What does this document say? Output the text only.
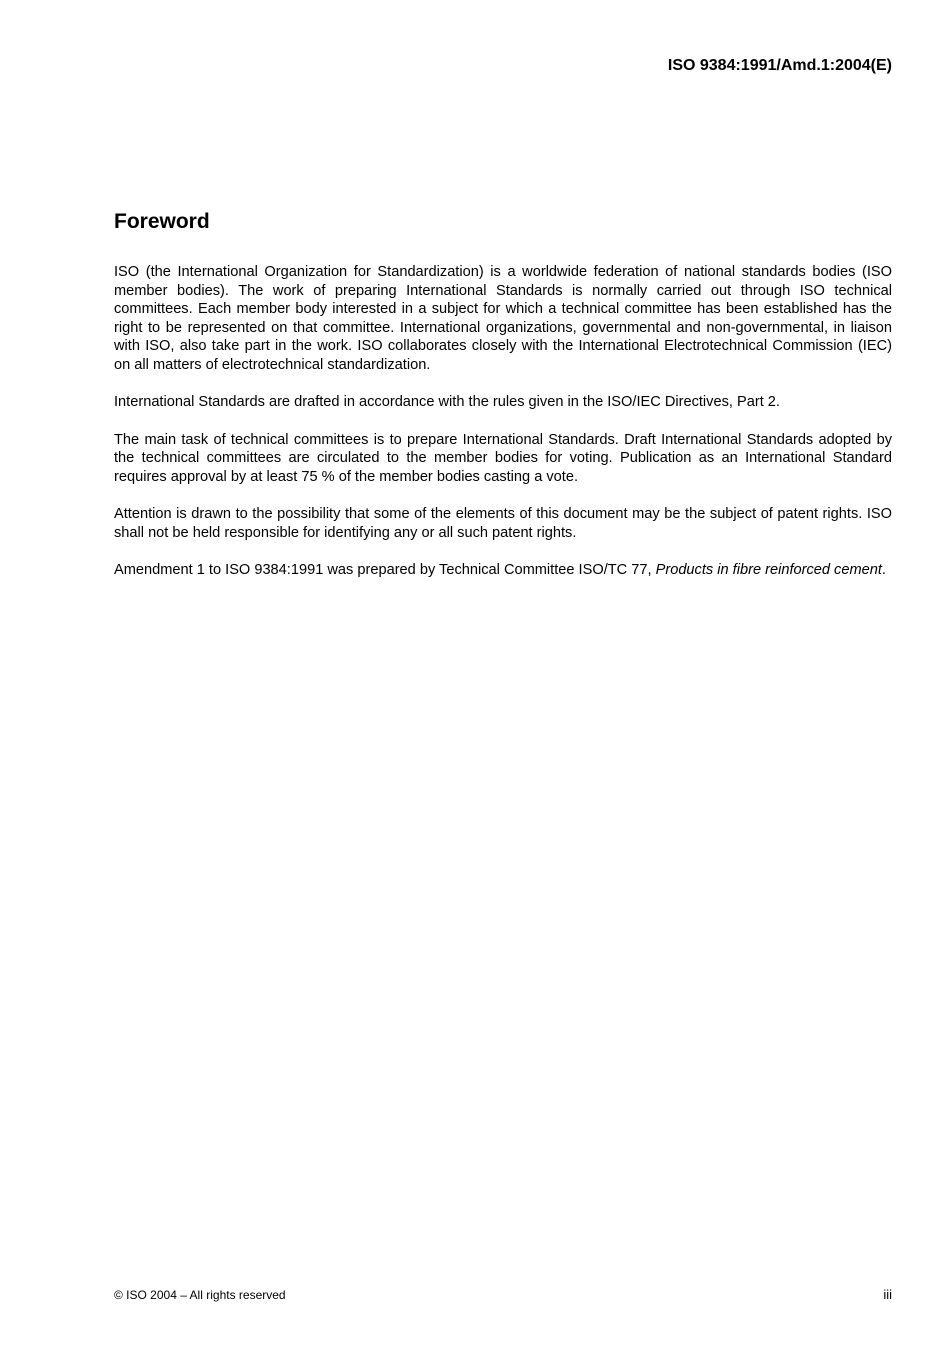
ISO 9384:1991/Amd.1:2004(E)
Foreword

ISO (the International Organization for Standardization) is a worldwide federation of national standards bodies (ISO member bodies). The work of preparing International Standards is normally carried out through ISO technical committees. Each member body interested in a subject for which a technical committee has been established has the right to be represented on that committee. International organizations, governmental and non-governmental, in liaison with ISO, also take part in the work. ISO collaborates closely with the International Electrotechnical Commission (IEC) on all matters of electrotechnical standardization.

International Standards are drafted in accordance with the rules given in the ISO/IEC Directives, Part 2.

The main task of technical committees is to prepare International Standards. Draft International Standards adopted by the technical committees are circulated to the member bodies for voting. Publication as an International Standard requires approval by at least 75 % of the member bodies casting a vote.

Attention is drawn to the possibility that some of the elements of this document may be the subject of patent rights. ISO shall not be held responsible for identifying any or all such patent rights.

Amendment 1 to ISO 9384:1991 was prepared by Technical Committee ISO/TC 77, Products in fibre reinforced cement.

© ISO 2004 – All rights reserved	iii
